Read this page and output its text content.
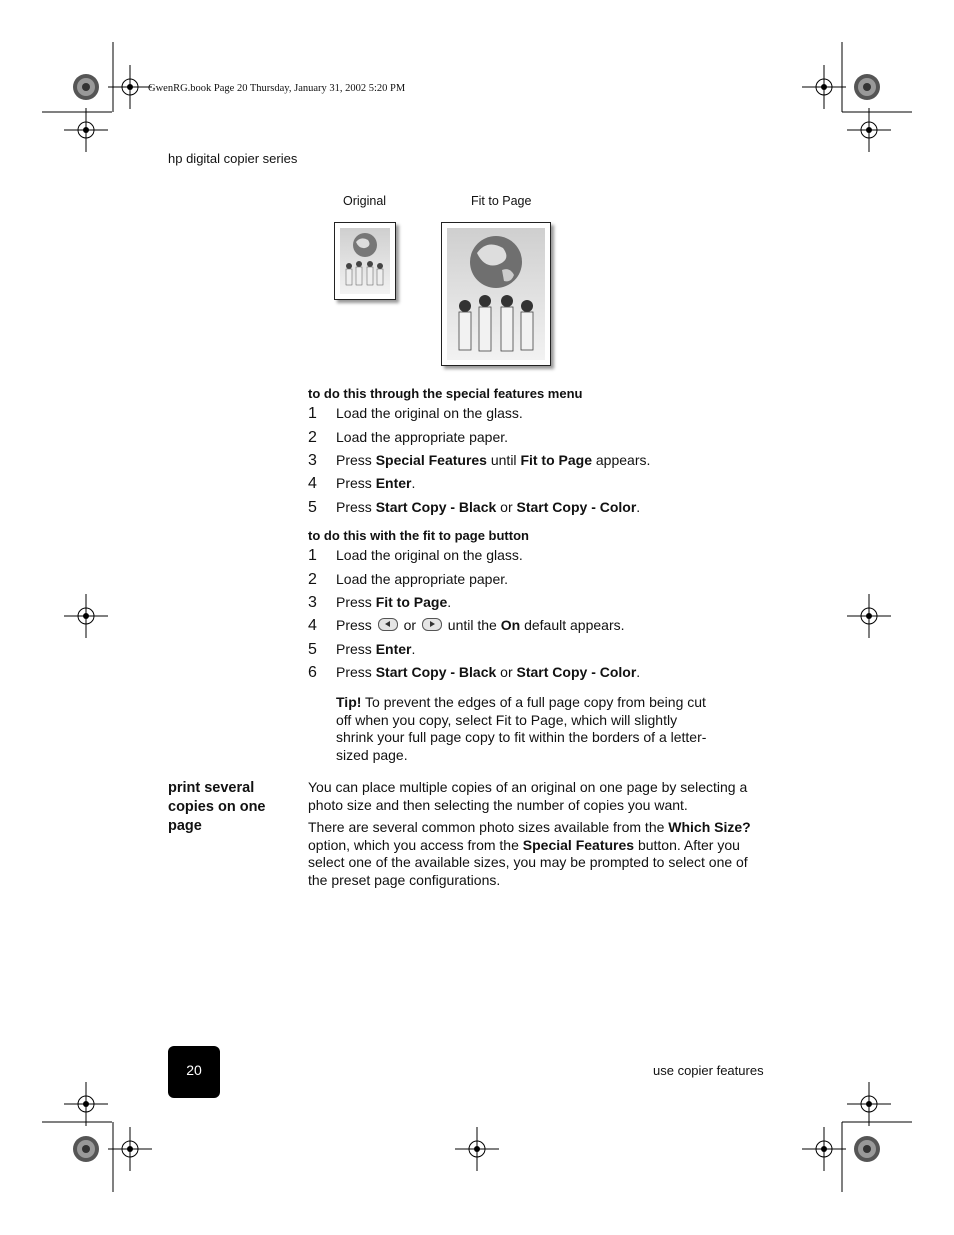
GwenRG.book Page 20 Thursday, January 31, 2002 5:20 PM
hp digital copier series
Original	Fit to Page
to do this through the special features menu
1 Load the original on the glass.
2 Load the appropriate paper.
3 Press Special Features until Fit to Page appears.
4 Press Enter.
5 Press Start Copy - Black or Start Copy - Color.
to do this with the fit to page button
1 Load the original on the glass.
2 Load the appropriate paper.
3 Press Fit to Page.
4 Press  or  until the On default appears.
5 Press Enter.
6 Press Start Copy - Black or Start Copy - Color.
Tip! To prevent the edges of a full page copy from being cut off when you copy, select Fit to Page, which will slightly shrink your full page copy to fit within the borders of a letter-sized page.
print several copies on one page
You can place multiple copies of an original on one page by selecting a photo size and then selecting the number of copies you want.
There are several common photo sizes available from the Which Size? option, which you access from the Special Features button. After you select one of the available sizes, you may be prompted to select one of the preset page configurations.
20	use copier features
